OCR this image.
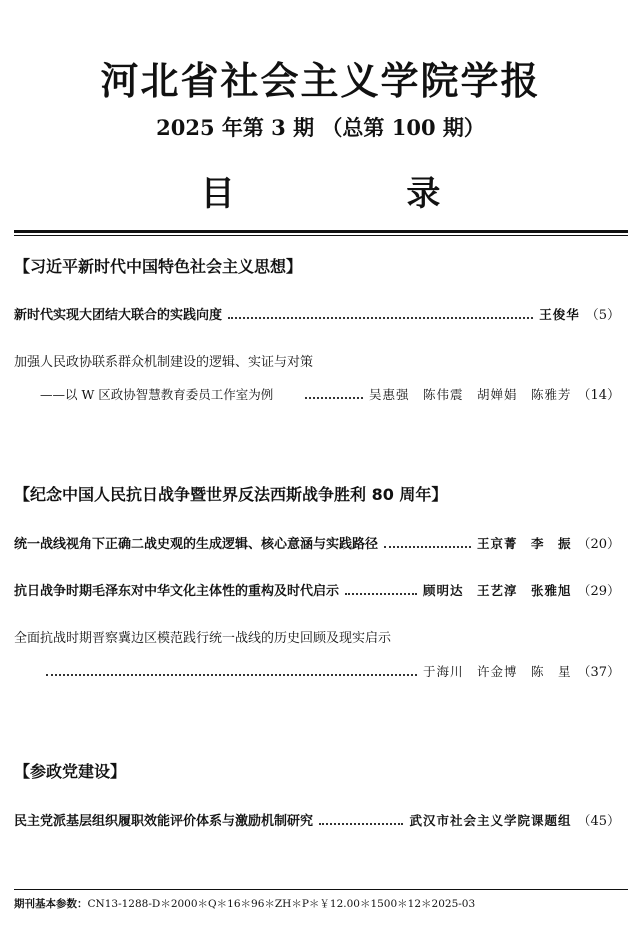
河北省社会主义学院学报
2025 年第 3 期 （总第 100 期）
目 录
【习近平新时代中国特色社会主义思想】
新时代实现大团结大联合的实践向度	王俊华 （5）
加强人民政协联系群众机制建设的逻辑、实证与对策
——以 W 区政协智慧教育委员工作室为例	吴惠强　陈伟震　胡婵娟　陈雅芳 （14）
【纪念中国人民抗日战争暨世界反法西斯战争胜利 80 周年】
统一战线视角下正确二战史观的生成逻辑、核心意涵与实践路径	王京菁　李　振 （20）
抗日战争时期毛泽东对中华文化主体性的重构及时代启示	顾明达　王艺淳　张雅旭 （29）
全面抗战时期晋察冀边区模范践行统一战线的历史回顾及现实启示
于海川　许金博　陈　星 （37）
【参政党建设】
民主党派基层组织履职效能评价体系与激励机制研究	武汉市社会主义学院课题组 （45）
期刊基本参数：CN13-1288-D＊2000＊Q＊16＊96＊ZH＊P＊￥12.00＊1500＊12＊2025-03
